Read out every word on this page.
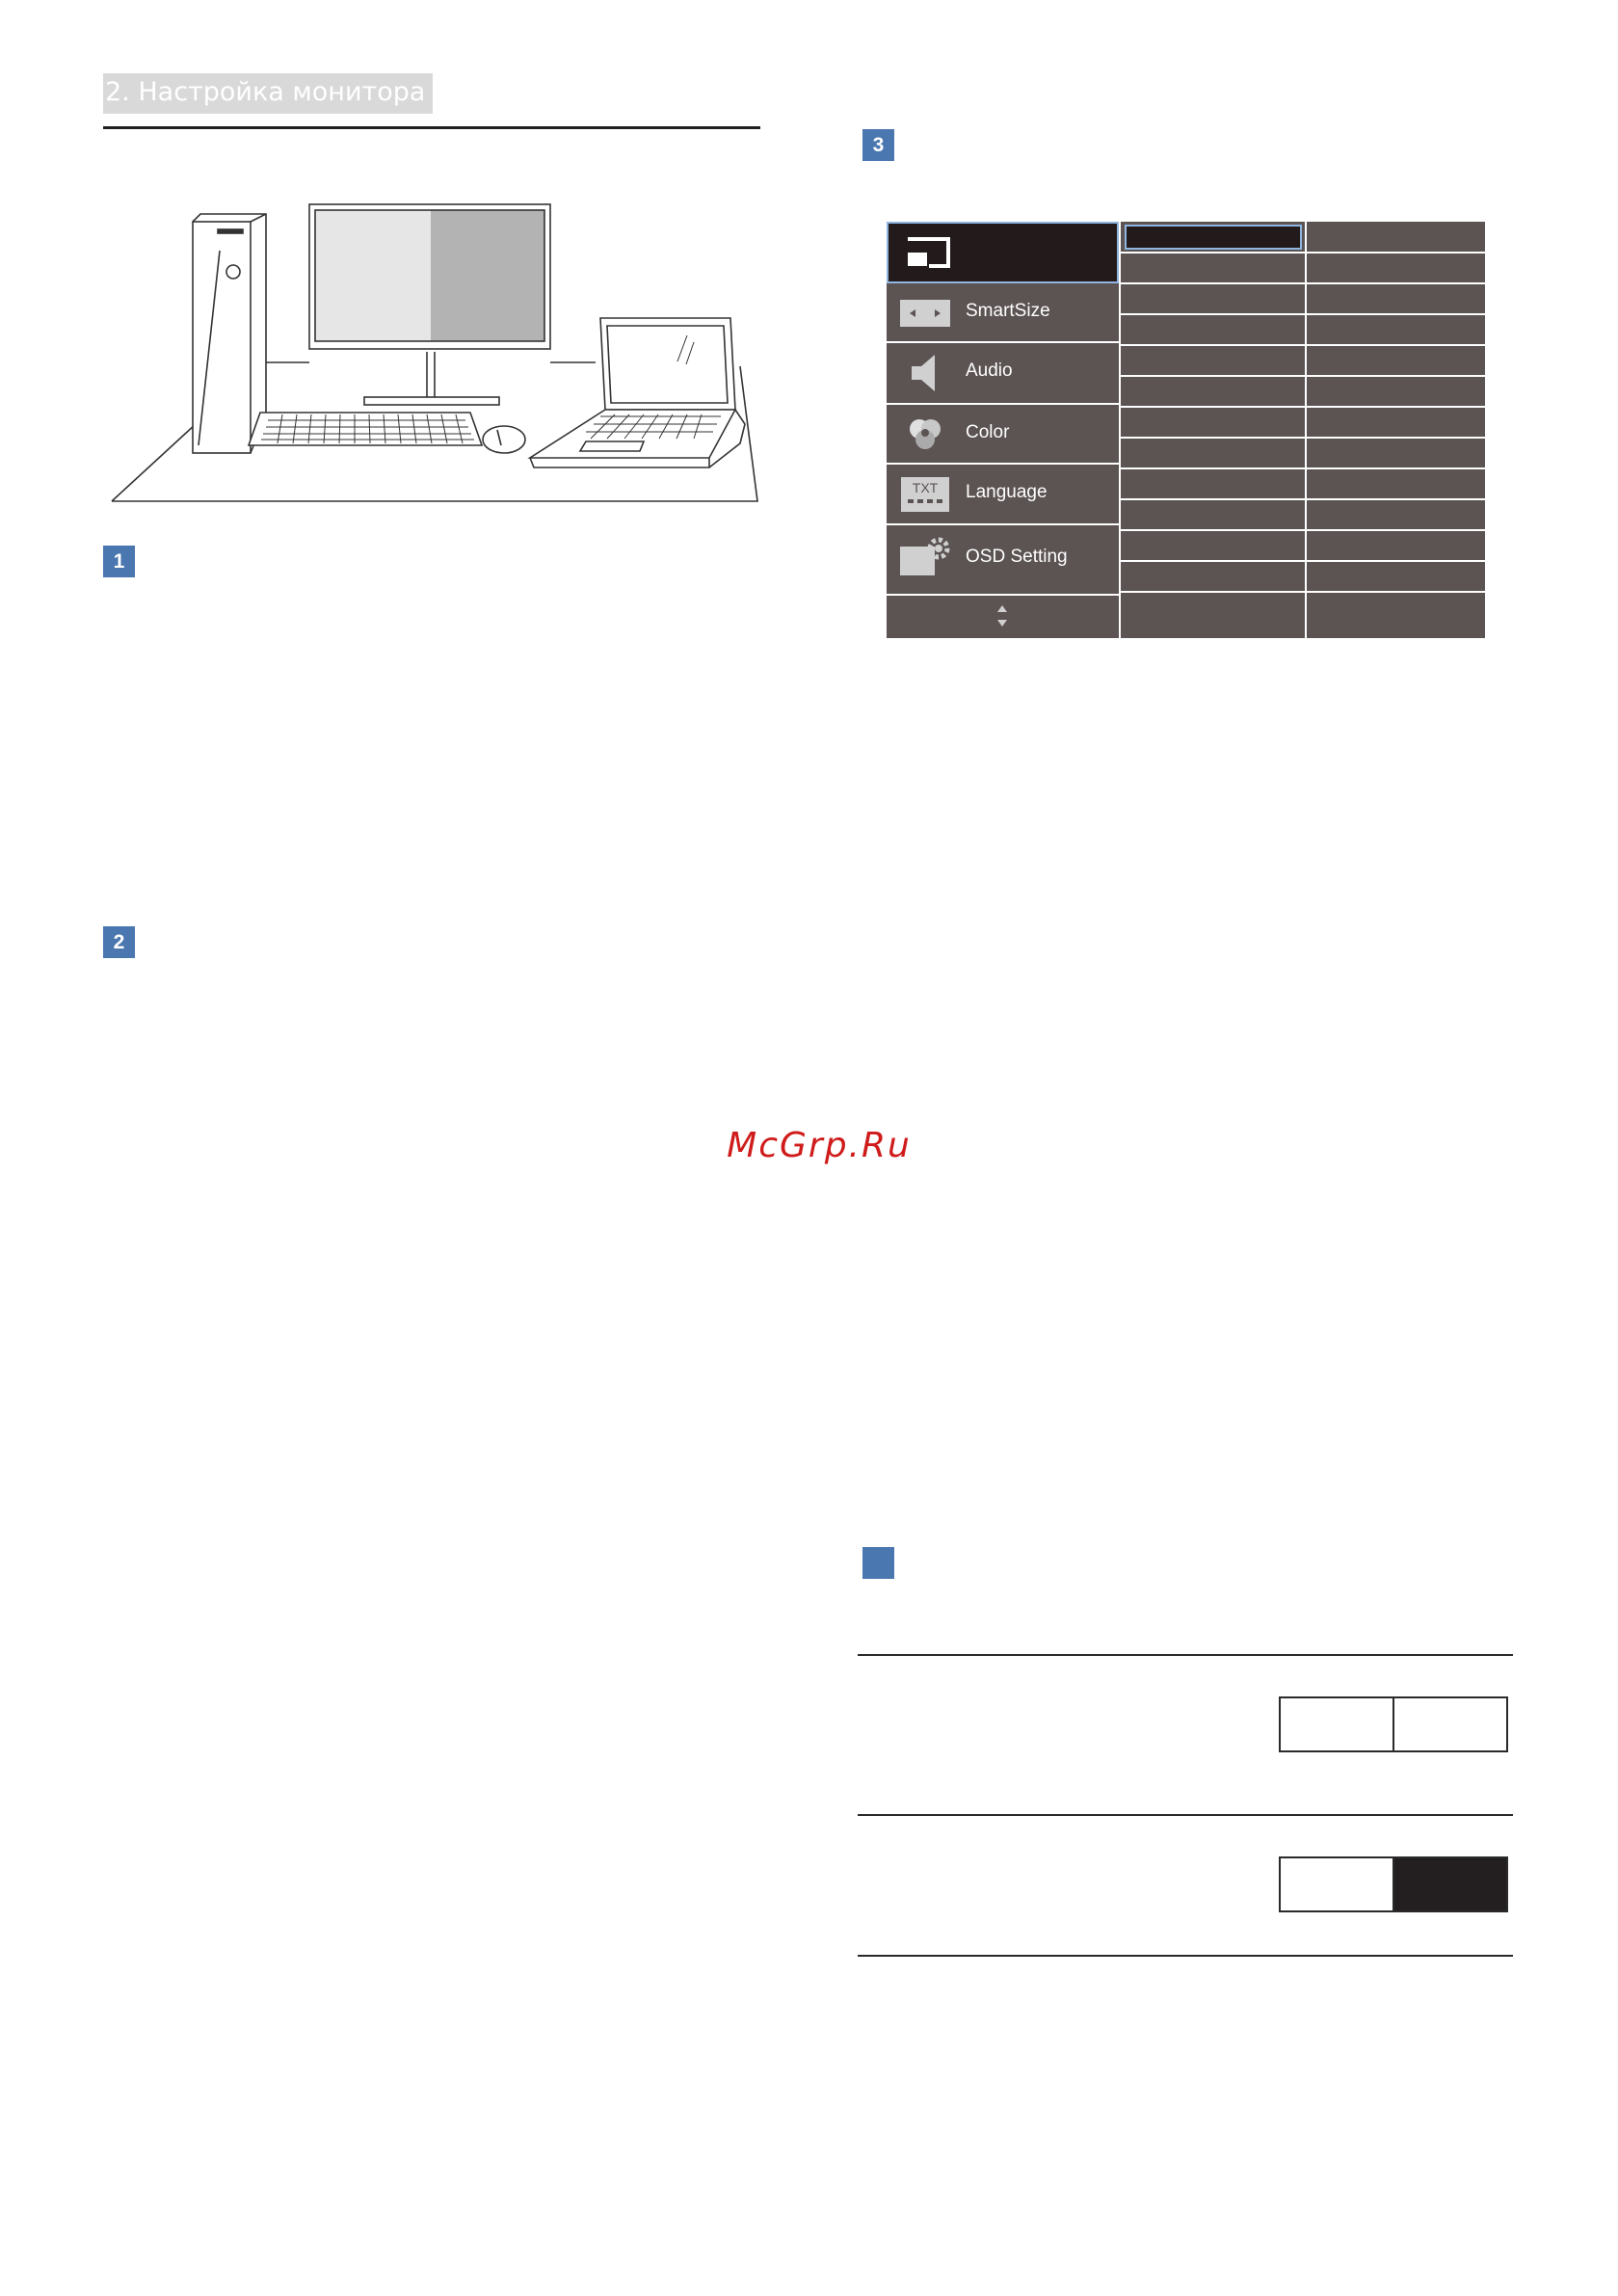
2. Настройка монитора
1
2
3
SmartSize
Audio
Color
TXT Language
OSD Setting
McGrp.Ru
